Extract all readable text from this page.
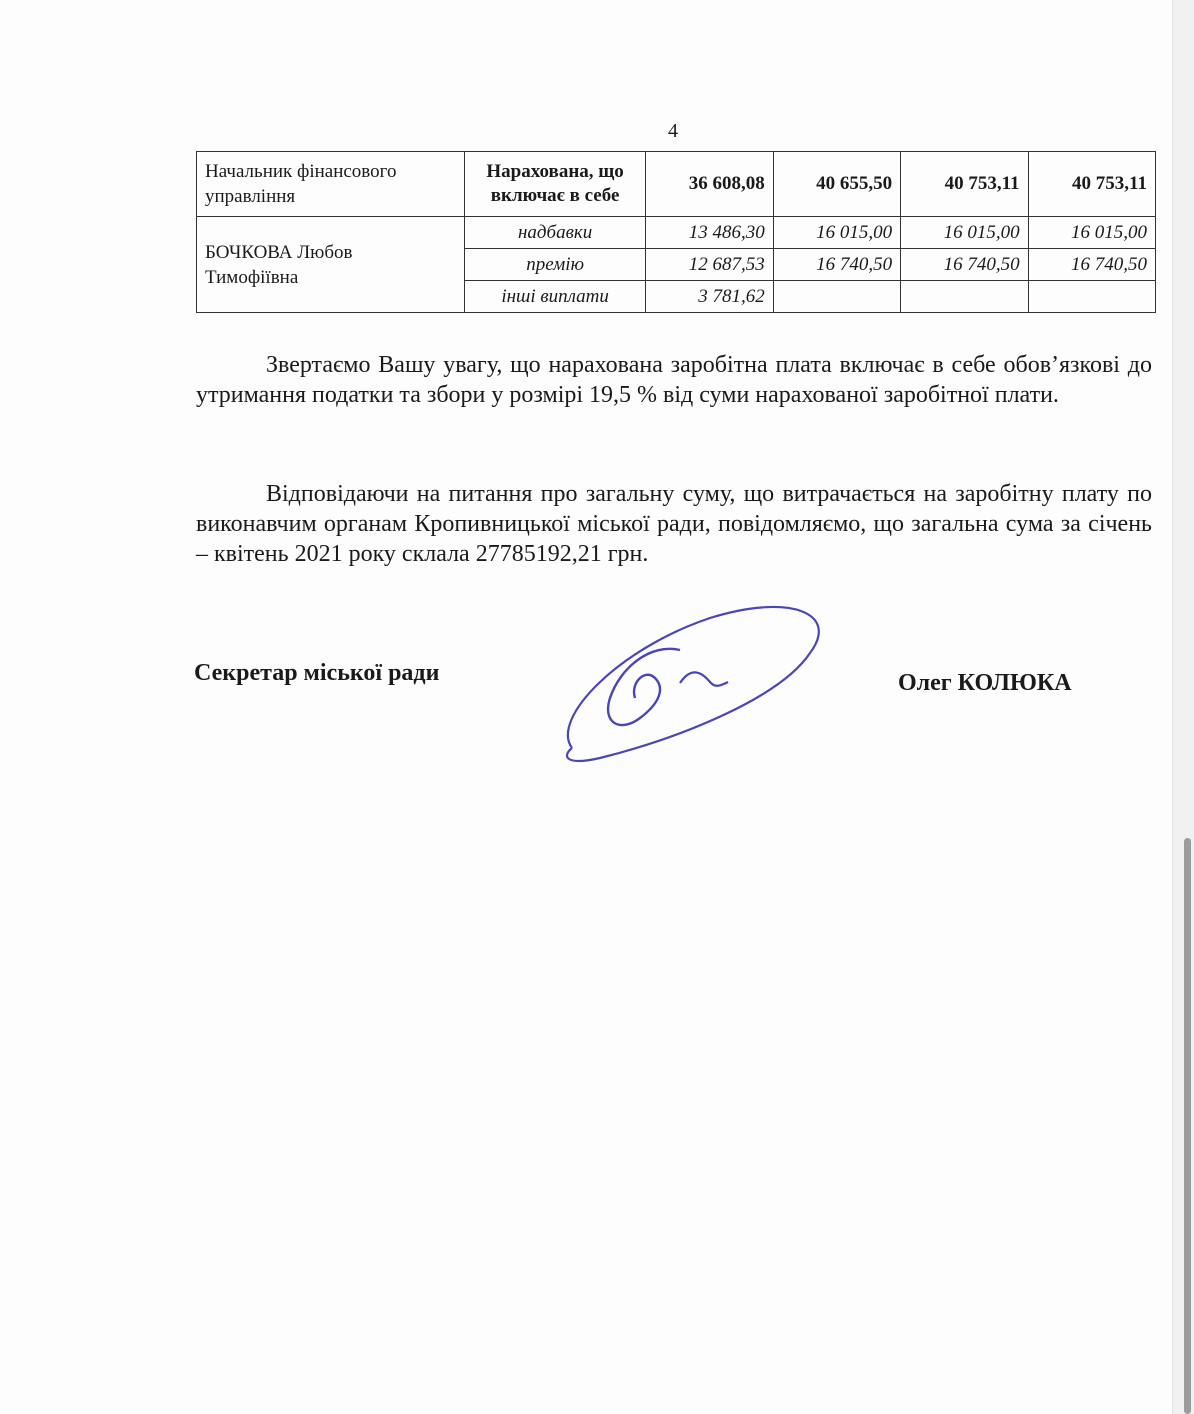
4
Начальник фінансового управління	Нарахована, що включає в себе	36 608,08	40 655,50	40 753,11	40 753,11

БОЧКОВА Любов
Тимофіївна	надбавки	13 486,30	16 015,00	16 015,00	16 015,00
	премію	12 687,53	16 740,50	16 740,50	16 740,50
	інші виплати	3 781,62			
Звертаємо Вашу увагу, що нарахована заробітна плата включає в себе обов’язкові до утримання податки та збори у розмірі 19,5 % від суми нарахованої заробітної плати.
Відповідаючи на питання про загальну суму, що витрачається на заробітну плату по виконавчим органам Кропивницької міської ради, повідомляємо, що загальна сума за січень – квітень 2021 року склала 27785192,21 грн.
Секретар міської ради	Олег КОЛЮКА
